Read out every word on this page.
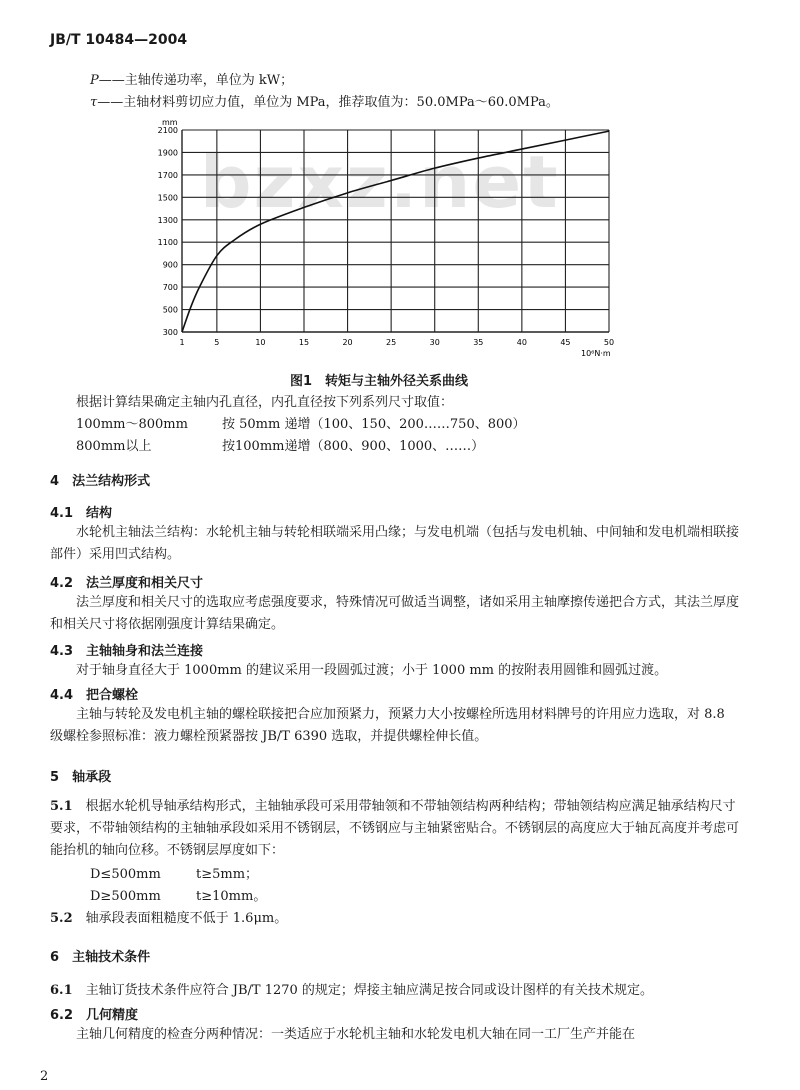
JB/T 10484—2004
P——主轴传递功率，单位为 kW；
τ——主轴材料剪切应力值，单位为 MPa，推荐取值为：50.0MPa～60.0MPa。
bzxz.net
mm
300
500
700
900
1100
1300
1500
1700
1900
2100
1	5	10	15	20	25	30	35	40	45	50
10⁶N·m
图1　转矩与主轴外径关系曲线
根据计算结果确定主轴内孔直径，内孔直径按下列系列尺寸取值：
100mm～800mm	按 50mm 递增（100、150、200……750、800）
800mm以上	按100mm递增（800、900、1000、……）
4　 法兰结构形式
4.1　 结构
水轮机主轴法兰结构：水轮机主轴与转轮相联端采用凸缘；与发电机端（包括与发电机轴、中间轴和发电机端相联接部件）采用凹式结构。
4.2　 法兰厚度和相关尺寸
法兰厚度和相关尺寸的选取应考虑强度要求，特殊情况可做适当调整，诸如采用主轴摩擦传递把合方式，其法兰厚度和相关尺寸将依据刚强度计算结果确定。
4.3　 主轴轴身和法兰连接
对于轴身直径大于 1000mm 的建议采用一段圆弧过渡；小于 1000 mm 的按附表用圆锥和圆弧过渡。
4.4　 把合螺栓
主轴与转轮及发电机主轴的螺栓联接把合应加预紧力，预紧力大小按螺栓所选用材料牌号的许用应力选取，对 8.8 级螺栓参照标准：液力螺栓预紧器按 JB/T 6390 选取，并提供螺栓伸长值。
5　 轴承段
5.1　 根据水轮机导轴承结构形式，主轴轴承段可采用带轴领和不带轴领结构两种结构；带轴领结构应满足轴承结构尺寸要求，不带轴领结构的主轴轴承段如采用不锈钢层，不锈钢应与主轴紧密贴合。不锈钢层的高度应大于轴瓦高度并考虑可能抬机的轴向位移。不锈钢层厚度如下：
D≤500mm	t≥5mm；
D≥500mm	t≥10mm。
5.2　 轴承段表面粗糙度不低于 1.6μm。
6　 主轴技术条件
6.1　 主轴订货技术条件应符合 JB/T 1270 的规定；焊接主轴应满足按合同或设计图样的有关技术规定。
6.2　 几何精度
主轴几何精度的检查分两种情况：一类适应于水轮机主轴和水轮发电机大轴在同一工厂生产并能在
2
